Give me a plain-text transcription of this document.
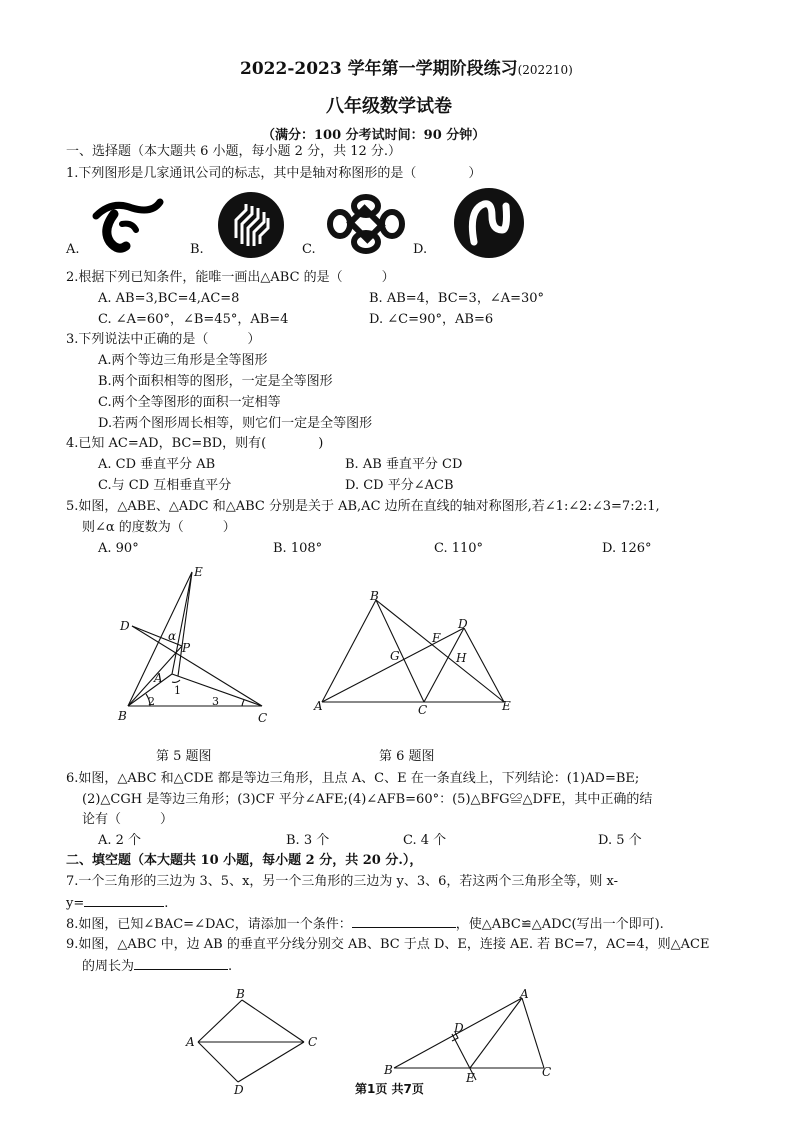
2022-2023 学年第一学期阶段练习(202210)
八年级数学试卷
（满分：100 分考试时间：90 分钟）
一、选择题（本大题共 6 小题，每小题 2 分，共 12 分.）
1.下列图形是几家通讯公司的标志，其中是轴对称图形的是（　　　　）
A.	B.	C.	D.
2.根据下列已知条件，能唯一画出△ABC 的是（　　　）
A. AB=3,BC=4,AC=8	B. AB=4，BC=3，∠A=30°
C. ∠A=60°，∠B=45°，AB=4	D. ∠C=90°，AB=6
3.下列说法中正确的是（　　　）
A.两个等边三角形是全等图形
B.两个面积相等的图形，一定是全等图形
C.两个全等图形的面积一定相等
D.若两个图形周长相等，则它们一定是全等图形
4.已知 AC=AD，BC=BD，则有(　　　　)
A. CD 垂直平分 AB	B. AB 垂直平分 CD
C.与 CD 互相垂直平分	D. CD 平分∠ACB
5.如图，△ABE、△ADC 和△ABC 分别是关于 AB,AC 边所在直线的轴对称图形,若∠1:∠2:∠3=7:2:1,
则∠α 的度数为（　　　）
A. 90°	B. 108°	C. 110°	D. 126°
E
D
α
P
A
1
B
2	3
C
B
F
D
G	H
A	C	E
第 5 题图	第 6 题图
6.如图，△ABC 和△CDE 都是等边三角形，且点 A、C、E 在一条直线上，下列结论：(1)AD=BE;
(2)△CGH 是等边三角形；(3)CF 平分∠AFE;(4)∠AFB=60°：(5)△BFG≌△DFE，其中正确的结
论有（　　　）
A. 2 个	B. 3 个	C. 4 个	D. 5 个
二、填空题（本大题共 10 小题，每小题 2 分，共 20 分.），
7.一个三角形的三边为 3、5、x，另一个三角形的三边为 y、3、6，若这两个三角形全等，则 x-
y=	.
8.如图，已知∠BAC=∠DAC，请添加一个条件：	，使△ABC≌△ADC(写出一个即可).
9.如图，△ABC 中，边 AB 的垂直平分线分别交 AB、BC 于点 D、E，连接 AE. 若 BC=7，AC=4，则△ACE
的周长为	.
B
A	C
D
A
D
B
E	C
第1页 共7页
